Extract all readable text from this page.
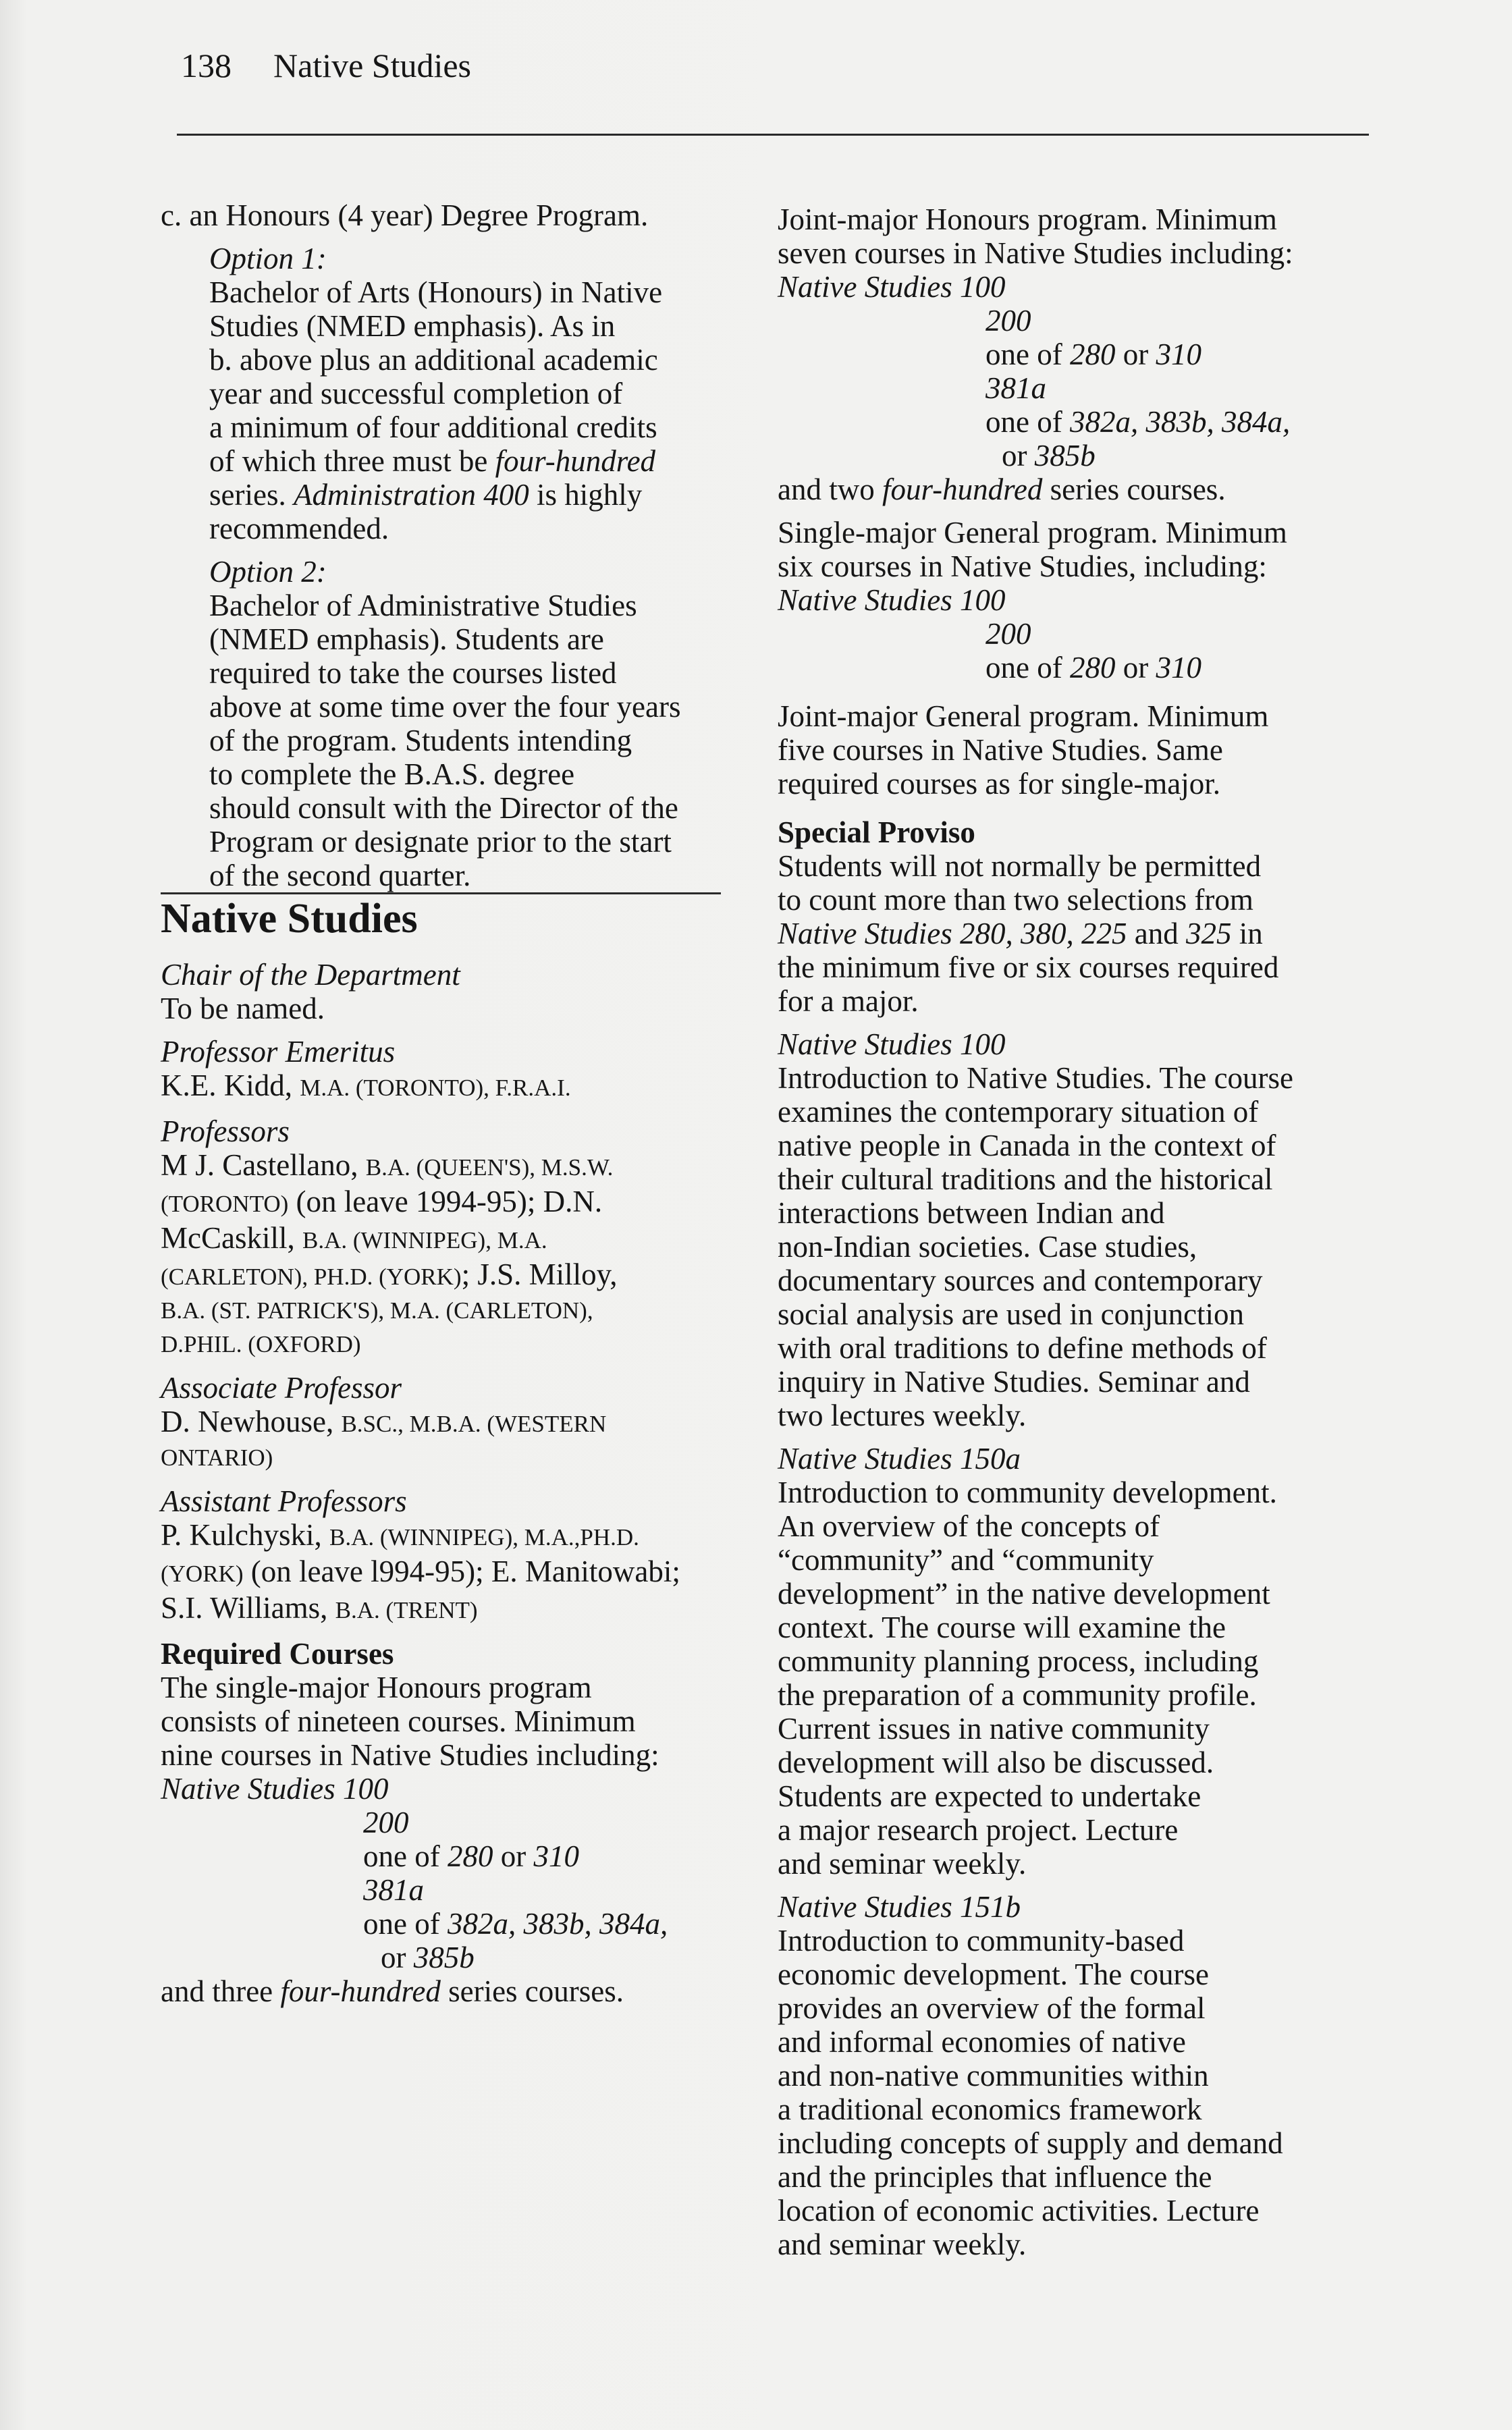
138 Native Studies

c. an Honours (4 year) Degree Program.

Option 1:

Bachelor of Arts (Honours) in Native

Studies (NMED emphasis). As in

b. above plus an additional academic

year and successful completion of

a minimum of four additional credits

of which three must be four-hundred

series. Administration 400 is highly

recommended.

Option 2:

Bachelor of Administrative Studies

(NMED emphasis). Students are

required to take the courses listed

above at some time over the four years

of the program. Students intending

to complete the B.A.S. degree

should consult with the Director of the

Program or designate prior to the start

of the second quarter.

Native Studies

Chair of the Department

To be named.

Professor Emeritus

K.E. Kidd, M.A. (TORONTO), F.R.A.I.

Professors

M J. Castellano, B.A. (QUEEN'S), M.S.W.

(TORONTO) (on leave 1994-95); D.N.

McCaskill, B.A. (WINNIPEG), M.A.

(CARLETON), PH.D. (YORK); J.S. Milloy,

B.A. (ST. PATRICK'S), M.A. (CARLETON),

D.PHIL. (OXFORD)

Associate Professor

D. Newhouse, B.SC., M.B.A. (WESTERN

ONTARIO)

Assistant Professors

P. Kulchyski, B.A. (WINNIPEG), M.A.,PH.D.

(YORK) (on leave l994-95); E. Manitowabi;

S.I. Williams, B.A. (TRENT)

Required Courses

The single-major Honours program

consists of nineteen courses. Minimum

nine courses in Native Studies including:

Native Studies 100

200

one of 280 or 310

381a

one of 382a, 383b, 384a,

or 385b

and three four-hundred series courses.

Joint-major Honours program. Minimum

seven courses in Native Studies including:

Native Studies 100

200

one of 280 or 310

381a

one of 382a, 383b, 384a,

or 385b

and two four-hundred series courses.

Single-major General program. Minimum

six courses in Native Studies, including:

Native Studies 100

200

one of 280 or 310

Joint-major General program. Minimum

five courses in Native Studies. Same

required courses as for single-major.

Special Proviso

Students will not normally be permitted

to count more than two selections from

Native Studies 280, 380, 225 and 325 in

the minimum five or six courses required

for a major.

Native Studies 100

Introduction to Native Studies. The course

examines the contemporary situation of

native people in Canada in the context of

their cultural traditions and the historical

interactions between Indian and

non-Indian societies. Case studies,

documentary sources and contemporary

social analysis are used in conjunction

with oral traditions to define methods of

inquiry in Native Studies. Seminar and

two lectures weekly.

Native Studies 150a

Introduction to community development.

An overview of the concepts of

“community” and “community

development” in the native development

context. The course will examine the

community planning process, including

the preparation of a community profile.

Current issues in native community

development will also be discussed.

Students are expected to undertake

a major research project. Lecture

and seminar weekly.

Native Studies 151b

Introduction to community-based

economic development. The course

provides an overview of the formal

and informal economies of native

and non-native communities within

a traditional economics framework

including concepts of supply and demand

and the principles that influence the

location of economic activities. Lecture

and seminar weekly.
